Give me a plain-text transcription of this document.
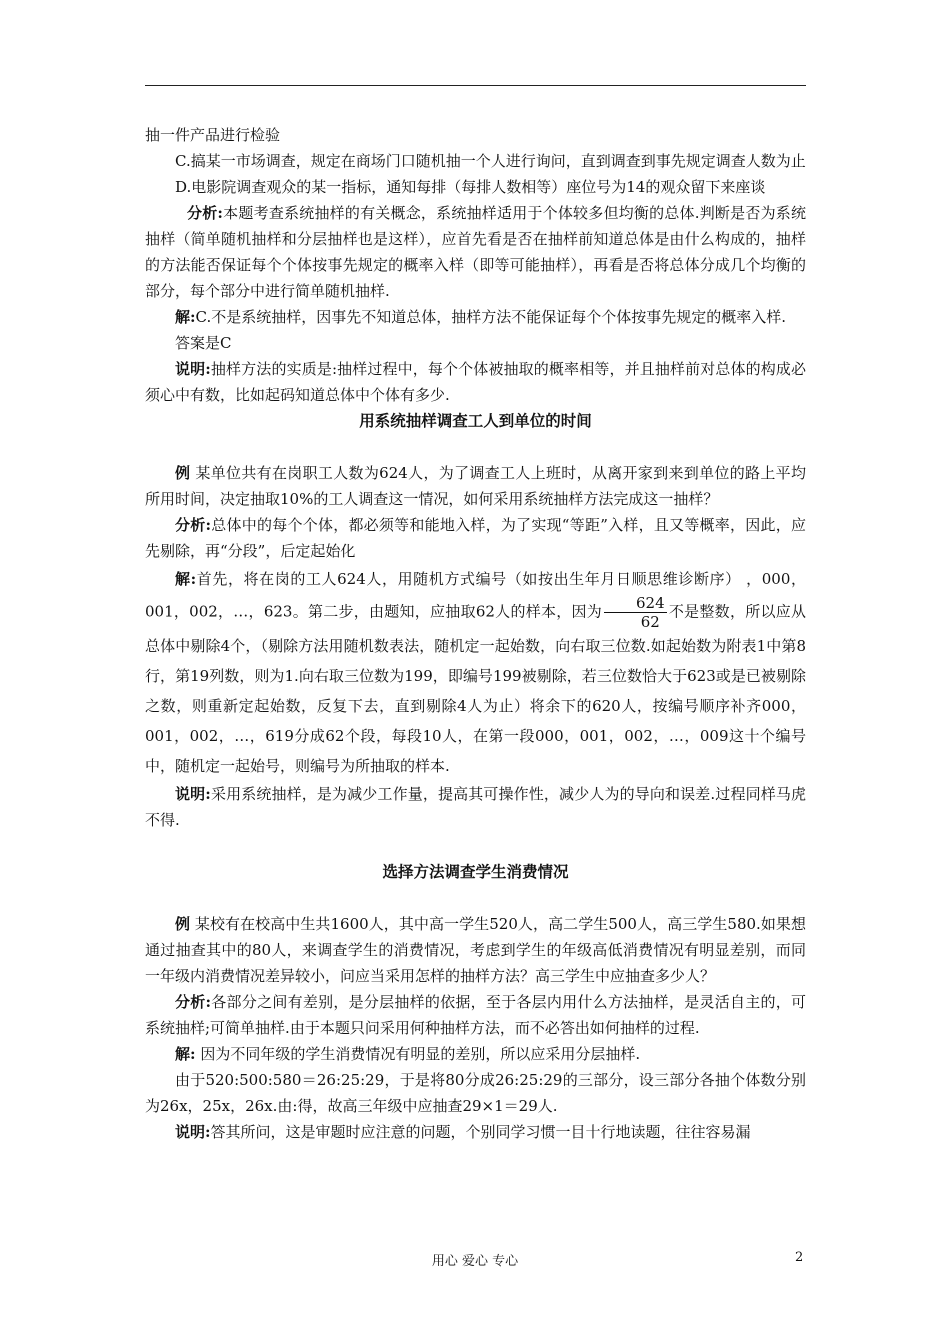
抽一件产品进行检验

C.搞某一市场调查，规定在商场门口随机抽一个人进行询问，直到调查到事先规定调查人数为止

D.电影院调查观众的某一指标，通知每排（每排人数相等）座位号为14的观众留下来座谈

分析:本题考查系统抽样的有关概念，系统抽样适用于个体较多但均衡的总体.判断是否为系统抽样（简单随机抽样和分层抽样也是这样），应首先看是否在抽样前知道总体是由什么构成的，抽样的方法能否保证每个个体按事先规定的概率入样（即等可能抽样），再看是否将总体分成几个均衡的部分，每个部分中进行简单随机抽样.

解:C.不是系统抽样，因事先不知道总体，抽样方法不能保证每个个体按事先规定的概率入样.

答案是C

说明:抽样方法的实质是:抽样过程中，每个个体被抽取的概率相等，并且抽样前对总体的构成必须心中有数，比如起码知道总体中个体有多少.

用系统抽样调查工人到单位的时间

例 某单位共有在岗职工人数为624人，为了调查工人上班时，从离开家到来到单位的路上平均所用时间，决定抽取10%的工人调查这一情况，如何采用系统抽样方法完成这一抽样？

分析:总体中的每个个体，都必须等和能地入样，为了实现“等距”入样，且又等概率，因此，应先剔除，再“分段”，后定起始化

解:首先，将在岗的工人624人，用随机方式编号（如按出生年月日顺思维诊断序） ，000，001，002，…，623。第二步，由题知，应抽取62人的样本，因为 $\frac{624}{62}$ 不是整数，所以应从总体中剔除4个，（剔除方法用随机数表法，随机定一起始数，向右取三位数.如起始数为附表1中第8行，第19列数，则为1.向右取三位数为199，即编号199被剔除，若三位数恰大于623或是已被剔除之数，则重新定起始数，反复下去，直到剔除4人为止）将余下的620人，按编号顺序补齐000，001，002，…，619分成62个段，每段10人，在第一段000，001，002，…，009这十个编号中，随机定一起始号，则编号为所抽取的样本.

说明:采用系统抽样，是为减少工作量，提高其可操作性，减少人为的导向和误差.过程同样马虎不得.

选择方法调查学生消费情况

例 某校有在校高中生共1600人，其中高一学生520人，高二学生500人，高三学生580.如果想通过抽查其中的80人，来调查学生的消费情况，考虑到学生的年级高低消费情况有明显差别，而同一年级内消费情况差异较小，问应当采用怎样的抽样方法？高三学生中应抽查多少人？

分析:各部分之间有差别，是分层抽样的依据，至于各层内用什么方法抽样，是灵活自主的，可系统抽样;可简单抽样.由于本题只问采用何种抽样方法，而不必答出如何抽样的过程.

解: 因为不同年级的学生消费情况有明显的差别，所以应采用分层抽样.

由于520:500:580＝26:25:29，于是将80分成26:25:29的三部分，设三部分各抽个体数分别为26x，25x，26x.由:得，故高三年级中应抽查29×1＝29人.

说明:答其所问，这是审题时应注意的问题，个别同学习惯一目十行地读题，往往容易漏

用心 爱心 专心	2
